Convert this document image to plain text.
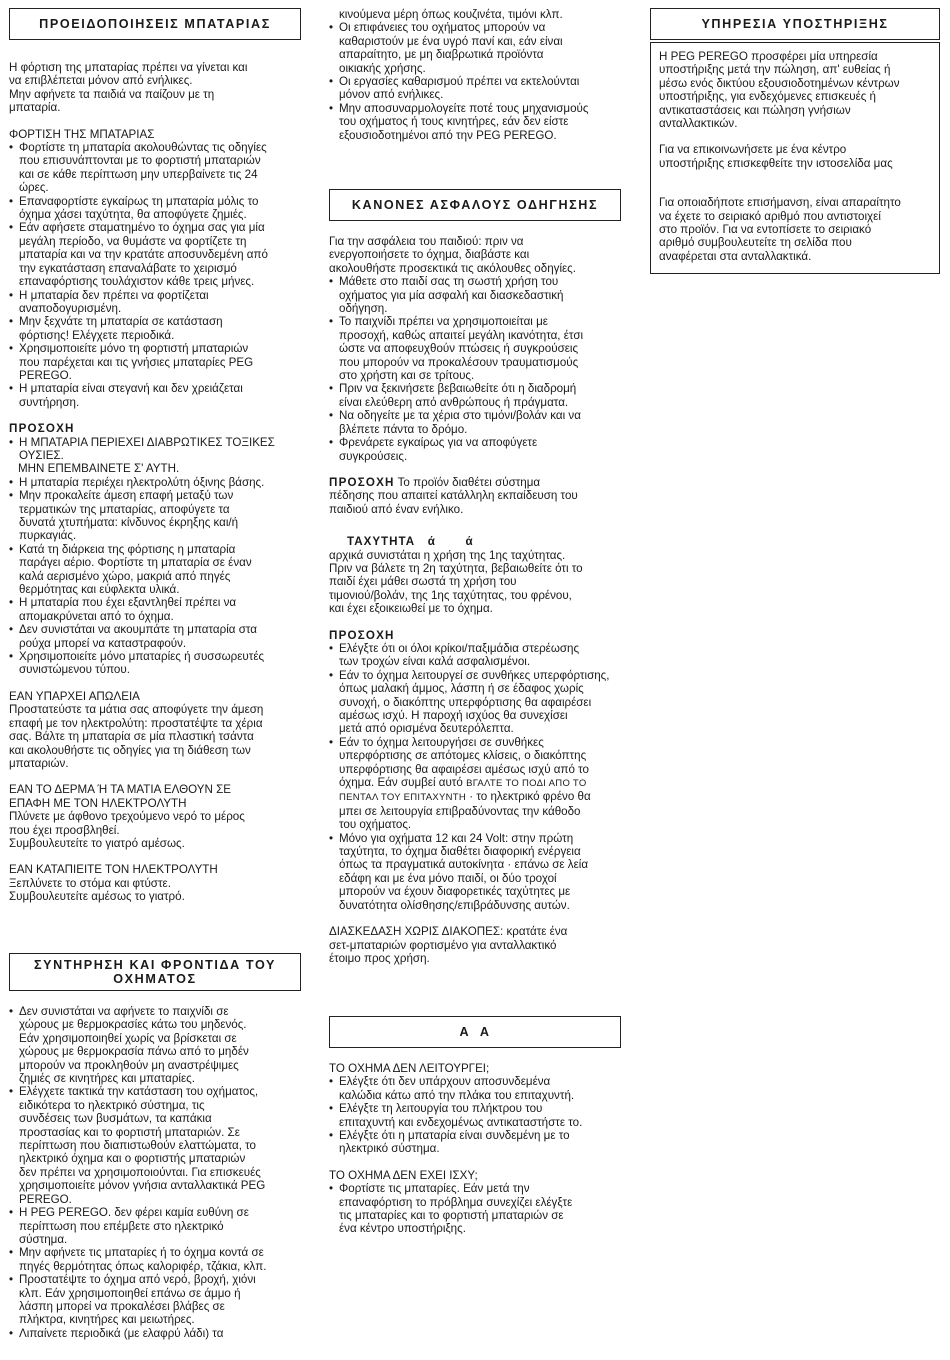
ΠΡΟΕΙΔΟΠΟΙΗΣΕΙΣ ΜΠΑΤΑΡΙΑΣ

Η φόρτιση της μπαταρίας πρέπει να γίνεται και

να επιβλέπεται μόνον από ενήλικες.

Μην αφήνετε τα παιδιά να παίζουν με τη

μπαταρία.

ΦΟΡΤΙΣΗ ΤΗΣ ΜΠΑΤΑΡΙΑΣ

• Φορτίστε τη μπαταρία ακολουθώντας τις οδηγίες

που επισυνάπτονται με το φορτιστή μπαταριών

και σε κάθε περίπτωση μην υπερβαίνετε τις 24

ώρες.

• Επαναφορτίστε εγκαίρως τη μπαταρία μόλις το

όχημα χάσει ταχύτητα, θα αποφύγετε ζημιές.

• Εάν αφήσετε σταματημένο το όχημα σας για μία

μεγάλη περίοδο, να θυμάστε να φορτίζετε τη

μπαταρία και να την κρατάτε αποσυνδεμένη από

την εγκατάσταση επαναλάβατε το χειρισμό

επαναφόρτισης τουλάχιστον κάθε τρεις μήνες.

• Η μπαταρία δεν πρέπει να φορτίζεται

αναποδογυρισμένη.

• Μην ξεχνάτε τη μπαταρία σε κατάσταση

φόρτισης! Ελέγχετε περιοδικά.

• Χρησιμοποιείτε μόνο τη φορτιστή μπαταριών

που παρέχεται και τις γνήσιες μπαταρίες PEG

PEREGO.

• Η μπαταρία είναι στεγανή και δεν χρειάζεται

συντήρηση.

ΠΡΟΣΟΧΗ

• Η ΜΠΑΤΑΡΙΑ ΠΕΡΙΕΧΕΙ ΔΙΑΒΡΩΤΙΚΕΣ ΤΟΞΙΚΕΣ

ΟΥΣΙΕΣ.

ΜΗΝ ΕΠΕΜΒΑΙΝΕΤΕ Σ' ΑΥΤΗ.

• Η μπαταρία περιέχει ηλεκτρολύτη όξινης βάσης.

• Μην προκαλείτε άμεση επαφή μεταξύ των

τερματικών της μπαταρίας, αποφύγετε τα

δυνατά χτυπήματα: κίνδυνος έκρηξης και/ή

πυρκαγιάς.

• Κατά τη διάρκεια της φόρτισης η μπαταρία

παράγει αέριο. Φορτίστε τη μπαταρία σε έναν

καλά αερισμένο χώρο, μακριά από πηγές

θερμότητας και εύφλεκτα υλικά.

• Η μπαταρία που έχει εξαντληθεί πρέπει να

απομακρύνεται από το όχημα.

• Δεν συνιστάται να ακουμπάτε τη μπαταρία στα

ρούχα μπορεί να καταστραφούν.

• Χρησιμοποιείτε μόνο μπαταρίες ή συσσωρευτές

συνιστώμενου τύπου.

ΕΑΝ ΥΠΑΡΧΕΙ ΑΠΩΛΕΙΑ

Προστατεύστε τα μάτια σας αποφύγετε την άμεση

επαφή με τον ηλεκτρολύτη: προστατέψτε τα χέρια

σας. Βάλτε τη μπαταρία σε μία πλαστική τσάντα

και ακολουθήστε τις οδηγίες για τη διάθεση των

μπαταριών.

ΕΑΝ ΤΟ ΔΕΡΜΑ Ή ΤΑ ΜΑΤΙΑ ΕΛΘΟΥΝ ΣΕ

ΕΠΑΦΗ ΜΕ ΤΟΝ ΗΛΕΚΤΡΟΛΥΤΗ

Πλύνετε με άφθονο τρεχούμενο νερό το μέρος

που έχει προσβληθεί.

Συμβουλευτείτε το γιατρό αμέσως.

ΕΑΝ ΚΑΤΑΠΙΕΙΤΕ ΤΟΝ ΗΛΕΚΤΡΟΛΥΤΗ

Ξεπλύνετε το στόμα και φτύστε.

Συμβουλευτείτε αμέσως το γιατρό.

ΣΥΝΤΗΡΗΣΗ ΚΑΙ ΦΡΟΝΤΙΔΑ ΤΟΥ
ΟΧΗΜΑΤΟΣ

• Δεν συνιστάται να αφήνετε το παιχνίδι σε

χώρους με θερμοκρασίες κάτω του μηδενός.

Εάν χρησιμοποιηθεί χωρίς να βρίσκεται σε

χώρους με θερμοκρασία πάνω από το μηδέν

μπορούν να προκληθούν μη αναστρέψιμες

ζημιές σε κινητήρες και μπαταρίες.

• Ελέγχετε τακτικά την κατάσταση του οχήματος,

ειδικότερα το ηλεκτρικό σύστημα, τις

συνδέσεις των βυσμάτων, τα καπάκια

προστασίας και το φορτιστή μπαταριών. Σε

περίπτωση που διαπιστωθούν ελαττώματα, το

ηλεκτρικό όχημα και ο φορτιστής μπαταριών

δεν πρέπει να χρησιμοποιούνται. Για επισκευές

χρησιμοποιείτε μόνον γνήσια ανταλλακτικά PEG

PEREGO.

• Η PEG PEREGO. δεν φέρει καμία ευθύνη σε

περίπτωση που επέμβετε στο ηλεκτρικό

σύστημα.

• Μην αφήνετε τις μπαταρίες ή το όχημα κοντά σε

πηγές θερμότητας όπως καλοριφέρ, τζάκια, κλπ.

• Προστατέψτε το όχημα από νερό, βροχή, χιόνι

κλπ. Εάν χρησιμοποιηθεί επάνω σε άμμο ή

λάσπη μπορεί να προκαλέσει βλάβες σε

πλήκτρα, κινητήρες και μειωτήρες.

• Λιπαίνετε περιοδικά (με ελαφρύ λάδι) τα

κινούμενα μέρη όπως κουζινέτα, τιμόνι κλπ.

• Οι επιφάνειες του οχήματος μπορούν να

καθαριστούν με ένα υγρό πανί και, εάν είναι

απαραίτητο, με μη διαβρωτικά προϊόντα

οικιακής χρήσης.

• Οι εργασίες καθαρισμού πρέπει να εκτελούνται

μόνον από ενήλικες.

• Μην αποσυναρμολογείτε ποτέ τους μηχανισμούς

του οχήματος ή τους κινητήρες, εάν δεν είστε

εξουσιοδοτημένοι από την PEG PEREGO.

ΚΑΝΟΝΕΣ ΑΣΦΑΛΟΥΣ ΟΔΗΓΗΣΗΣ

Για την ασφάλεια του παιδιού: πριν να

ενεργοποιήσετε το όχημα, διαβάστε και

ακολουθήστε προσεκτικά τις ακόλουθες οδηγίες.

• Μάθετε στο παιδί σας τη σωστή χρήση του

οχήματος για μία ασφαλή και διασκεδαστική

οδήγηση.

• Το παιχνίδι πρέπει να χρησιμοποιείται με

προσοχή, καθώς απαιτεί μεγάλη ικανότητα, έτσι

ώστε να αποφευχθούν πτώσεις ή συγκρούσεις

που μπορούν να προκαλέσουν τραυματισμούς

στο χρήστη και σε τρίτους.

• Πριν να ξεκινήσετε βεβαιωθείτε ότι η διαδρομή

είναι ελεύθερη από ανθρώπους ή πράγματα.

• Να οδηγείτε με τα χέρια στο τιμόνι/βολάν και να

βλέπετε πάντα το δρόμο.

• Φρενάρετε εγκαίρως για να αποφύγετε

συγκρούσεις.

ΠΡΟΣΟΧΗ Το προϊόν διαθέτει σύστημα

πέδησης που απαιτεί κατάλληλη εκπαίδευση του

παιδιού από έναν ενήλικο.

ΤΑΧΥΤΗΤΑ   ά       ά

αρχικά συνιστάται η χρήση της 1ης ταχύτητας.

Πριν να βάλετε τη 2η ταχύτητα, βεβαιωθείτε ότι το

παιδί έχει μάθει σωστά τη χρήση του

τιμονιού/βολάν, της 1ης ταχύτητας, του φρένου,

και έχει εξοικειωθεί με το όχημα.

ΠΡΟΣΟΧΗ

• Ελέγξτε ότι οι όλοι κρίκοι/παξιμάδια στερέωσης

των τροχών είναι καλά ασφαλισμένοι.

• Εάν το όχημα λειτουργεί σε συνθήκες υπερφόρτισης,

όπως μαλακή άμμος, λάσπη ή σε έδαφος χωρίς

συνοχή, ο διακόπτης υπερφόρτισης θα αφαιρέσει

αμέσως ισχύ. Η παροχή ισχύος θα συνεχίσει

μετά από ορισμένα δευτερόλεπτα.

• Εάν το όχημα λειτουργήσει σε συνθήκες

υπερφόρτισης σε απότομες κλίσεις, ο διακόπτης

υπερφόρτισης θα αφαιρέσει αμέσως ισχύ από το

όχημα. Εάν συμβεί αυτό ΒΓΑΛΤΕ ΤΟ ΠΟΔΙ ΑΠΟ ΤΟ

ΠΕΝΤΑΛ ΤΟΥ ΕΠΙΤΑΧΥΝΤΗ · το ηλεκτρικό φρένο θα

μπει σε λειτουργία επιβραδύνοντας την κάθοδο

του οχήματος.

• Μόνο για οχήματα 12 και 24 Volt: στην πρώτη

ταχύτητα, το όχημα διαθέτει διαφορική ενέργεια

όπως τα πραγματικά αυτοκίνητα · επάνω σε λεία

εδάφη και με ένα μόνο παιδί, οι δύο τροχοί

μπορούν να έχουν διαφορετικές ταχύτητες με

δυνατότητα ολίσθησης/επιβράδυνσης αυτών.

ΔΙΑΣΚΕΔΑΣΗ ΧΩΡΙΣ ΔΙΑΚΟΠΕΣ: κρατάτε ένα

σετ-μπαταριών φορτισμένο για ανταλλακτικό

έτοιμο προς χρήση.

Α  Α

ΤΟ ΟΧΗΜΑ ΔΕΝ ΛΕΙΤΟΥΡΓΕΙ;

• Ελέγξτε ότι δεν υπάρχουν αποσυνδεμένα

καλώδια κάτω από την πλάκα του επιταχυντή.

• Ελέγξτε τη λειτουργία του πλήκτρου του

επιταχυντή και ενδεχομένως αντικαταστήστε το.

• Ελέγξτε ότι η μπαταρία είναι συνδεμένη με το

ηλεκτρικό σύστημα.

ΤΟ ΟΧΗΜΑ ΔΕΝ ΕΧΕΙ ΙΣΧΥ;

• Φορτίστε τις μπαταρίες. Εάν μετά την

επαναφόρτιση το πρόβλημα συνεχίζει ελέγξτε

τις μπαταρίες και το φορτιστή μπαταριών σε

ένα κέντρο υποστήριξης.

ΥΠΗΡΕΣΙΑ ΥΠΟΣΤΗΡΙΞΗΣ

Η PEG PEREGO προσφέρει μία υπηρεσία

υποστήριξης μετά την πώληση, απ' ευθείας ή

μέσω ενός δικτύου εξουσιοδοτημένων κέντρων

υποστήριξης, για ενδεχόμενες επισκευές ή

αντικαταστάσεις και πώληση γνήσιων

ανταλλακτικών.

Για να επικοινωνήσετε με ένα κέντρο

υποστήριξης επισκεφθείτε την ιστοσελίδα μας

Για οποιαδήποτε επισήμανση, είναι απαραίτητο

να έχετε το σειριακό αριθμό που αντιστοιχεί

στο προϊόν. Για να εντοπίσετε το σειριακό

αριθμό συμβουλευτείτε τη σελίδα που

αναφέρεται στα ανταλλακτικά.
